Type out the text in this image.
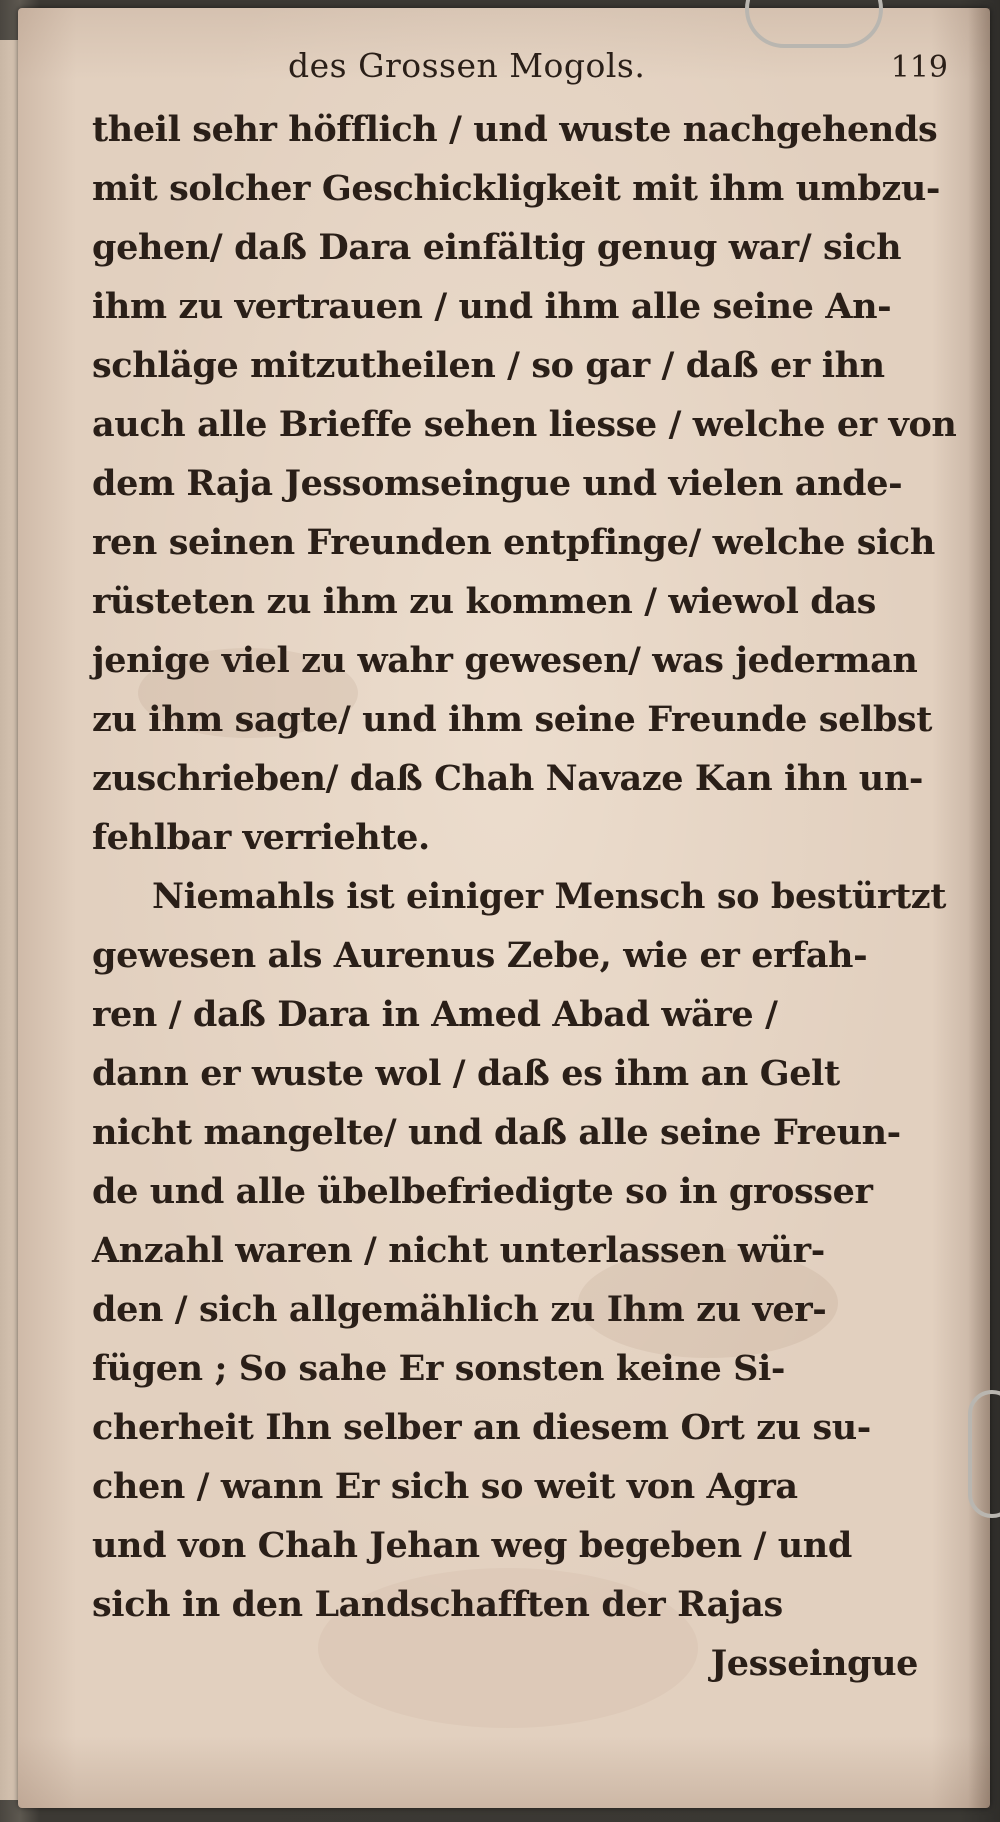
des Grossen Mogols.	119
theil sehr höfflich / und wuste nachgehends
mit solcher Geschickligkeit mit ihm umbzu-
gehen/ daß Dara einfältig genug war/ sich
ihm zu vertrauen / und ihm alle seine An-
schläge mitzutheilen / so gar / daß er ihn
auch alle Brieffe sehen liesse / welche er von
dem Raja Jessomseingue und vielen ande-
ren seinen Freunden entpfinge/ welche sich
rüsteten zu ihm zu kommen / wiewol das
jenige viel zu wahr gewesen/ was jederman
zu ihm sagte/ und ihm seine Freunde selbst
zuschrieben/ daß Chah Navaze Kan ihn un-
fehlbar verriehte.
Niemahls ist einiger Mensch so bestürtzt
gewesen als Aurenus Zebe, wie er erfah-
ren / daß Dara in Amed Abad wäre /
dann er wuste wol / daß es ihm an Gelt
nicht mangelte/ und daß alle seine Freun-
de und alle übelbefriedigte so in grosser
Anzahl waren / nicht unterlassen wür-
den / sich allgemählich zu Ihm zu ver-
fügen ; So sahe Er sonsten keine Si-
cherheit Ihn selber an diesem Ort zu su-
chen / wann Er sich so weit von Agra
und von Chah Jehan weg begeben / und
sich in den Landschafften der Rajas
Jesseingue
